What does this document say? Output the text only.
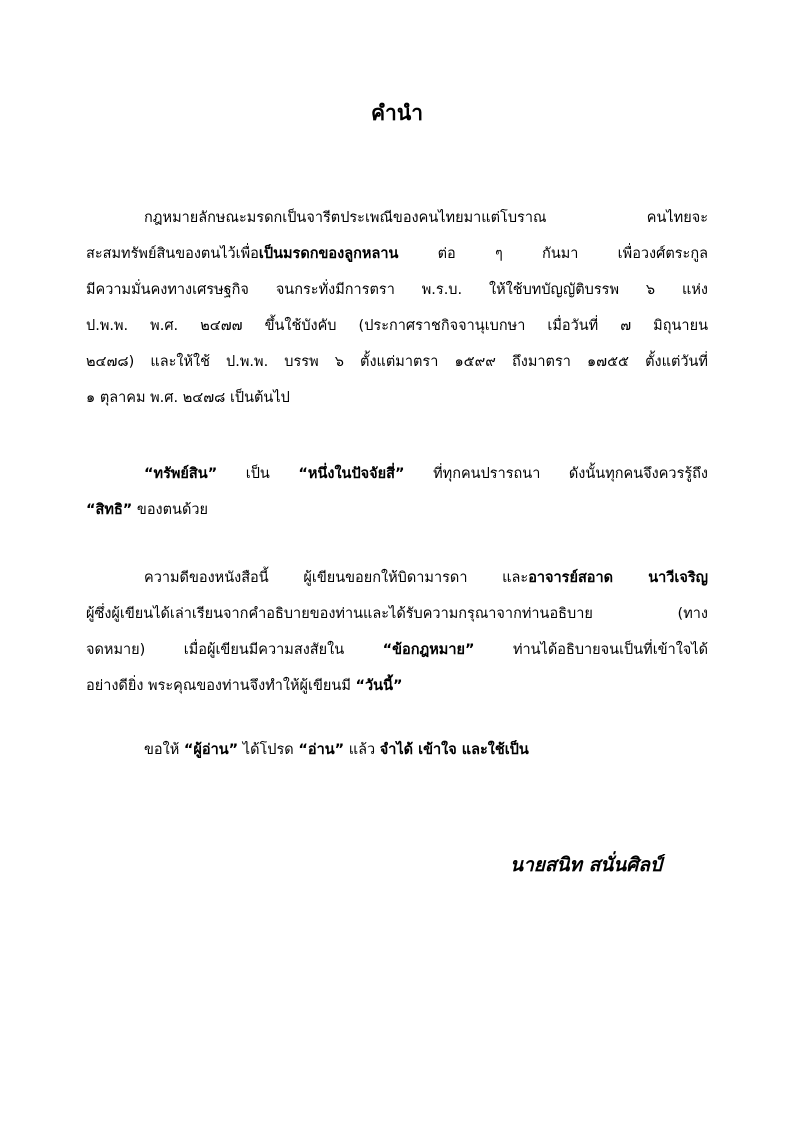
คำนำ
กฎหมายลักษณะมรดกเป็นจารีตประเพณีของคนไทยมาแต่โบราณ คนไทยจะ
สะสมทรัพย์สินของตนไว้เพื่อเป็นมรดกของลูกหลาน ต่อ ๆ กันมา เพื่อวงศ์ตระกูล
มีความมั่นคงทางเศรษฐกิจ จนกระทั่งมีการตรา พ.ร.บ. ให้ใช้บทบัญญัติบรรพ ๖ แห่ง
ป.พ.พ. พ.ศ. ๒๔๗๗ ขึ้นใช้บังคับ (ประกาศราชกิจจานุเบกษา เมื่อวันที่ ๗ มิถุนายน
๒๔๗๘) และให้ใช้ ป.พ.พ. บรรพ ๖ ตั้งแต่มาตรา ๑๕๙๙ ถึงมาตรา ๑๗๕๕ ตั้งแต่วันที่
๑ ตุลาคม พ.ศ. ๒๔๗๘ เป็นต้นไป
“ทรัพย์สิน” เป็น “หนึ่งในปัจจัยสี่” ที่ทุกคนปรารถนา ดังนั้นทุกคนจึงควรรู้ถึง
“สิทธิ” ของตนด้วย
ความดีของหนังสือนี้ ผู้เขียนขอยกให้บิดามารดา และอาจารย์สอาด นาวีเจริญ
ผู้ซึ่งผู้เขียนได้เล่าเรียนจากคำอธิบายของท่านและได้รับความกรุณาจากท่านอธิบาย (ทาง
จดหมาย) เมื่อผู้เขียนมีความสงสัยใน “ข้อกฎหมาย” ท่านได้อธิบายจนเป็นที่เข้าใจได้
อย่างดียิ่ง พระคุณของท่านจึงทำให้ผู้เขียนมี “วันนี้”
ขอให้ “ผู้อ่าน” ได้โปรด “อ่าน” แล้ว จำได้ เข้าใจ และใช้เป็น
นายสนิท สนั่นศิลป์
